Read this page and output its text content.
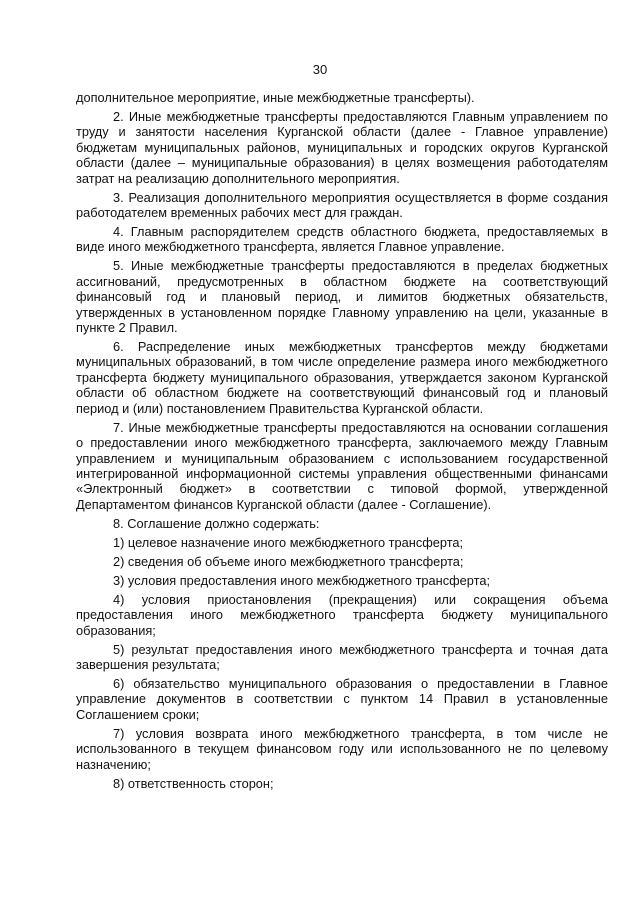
30

дополнительное мероприятие, иные межбюджетные трансферты).

2. Иные межбюджетные трансферты предоставляются Главным управлением по труду и занятости населения Курганской области (далее - Главное управление) бюджетам муниципальных районов, муниципальных и городских округов Курганской области (далее – муниципальные образования) в целях возмещения работодателям затрат на реализацию дополнительного мероприятия.

3. Реализация дополнительного мероприятия осуществляется в форме создания работодателем временных рабочих мест для граждан.

4. Главным распорядителем средств областного бюджета, предоставляемых в виде иного межбюджетного трансферта, является Главное управление.

5. Иные межбюджетные трансферты предоставляются в пределах бюджетных ассигнований, предусмотренных в областном бюджете на соответствующий финансовый год и плановый период, и лимитов бюджетных обязательств, утвержденных в установленном порядке Главному управлению на цели, указанные в пункте 2 Правил.

6. Распределение иных межбюджетных трансфертов между бюджетами муниципальных образований, в том числе определение размера иного межбюджетного трансферта бюджету муниципального образования, утверждается законом Курганской области об областном бюджете на соответствующий финансовый год и плановый период и (или) постановлением Правительства Курганской области.

7. Иные межбюджетные трансферты предоставляются на основании соглашения о предоставлении иного межбюджетного трансферта, заключаемого между Главным управлением и муниципальным образованием с использованием государственной интегрированной информационной системы управления общественными финансами «Электронный бюджет» в соответствии с типовой формой, утвержденной Департаментом финансов Курганской области (далее - Соглашение).

8. Соглашение должно содержать:

1) целевое назначение иного межбюджетного трансферта;

2) сведения об объеме иного межбюджетного трансферта;

3) условия предоставления иного межбюджетного трансферта;

4) условия приостановления (прекращения) или сокращения объема предоставления иного межбюджетного трансферта бюджету муниципального образования;

5) результат предоставления иного межбюджетного трансферта и точная дата завершения результата;

6) обязательство муниципального образования о предоставлении в Главное управление документов в соответствии с пунктом 14 Правил в установленные Соглашением сроки;

7) условия возврата иного межбюджетного трансферта, в том числе не использованного в текущем финансовом году или использованного не по целевому назначению;

8) ответственность сторон;
